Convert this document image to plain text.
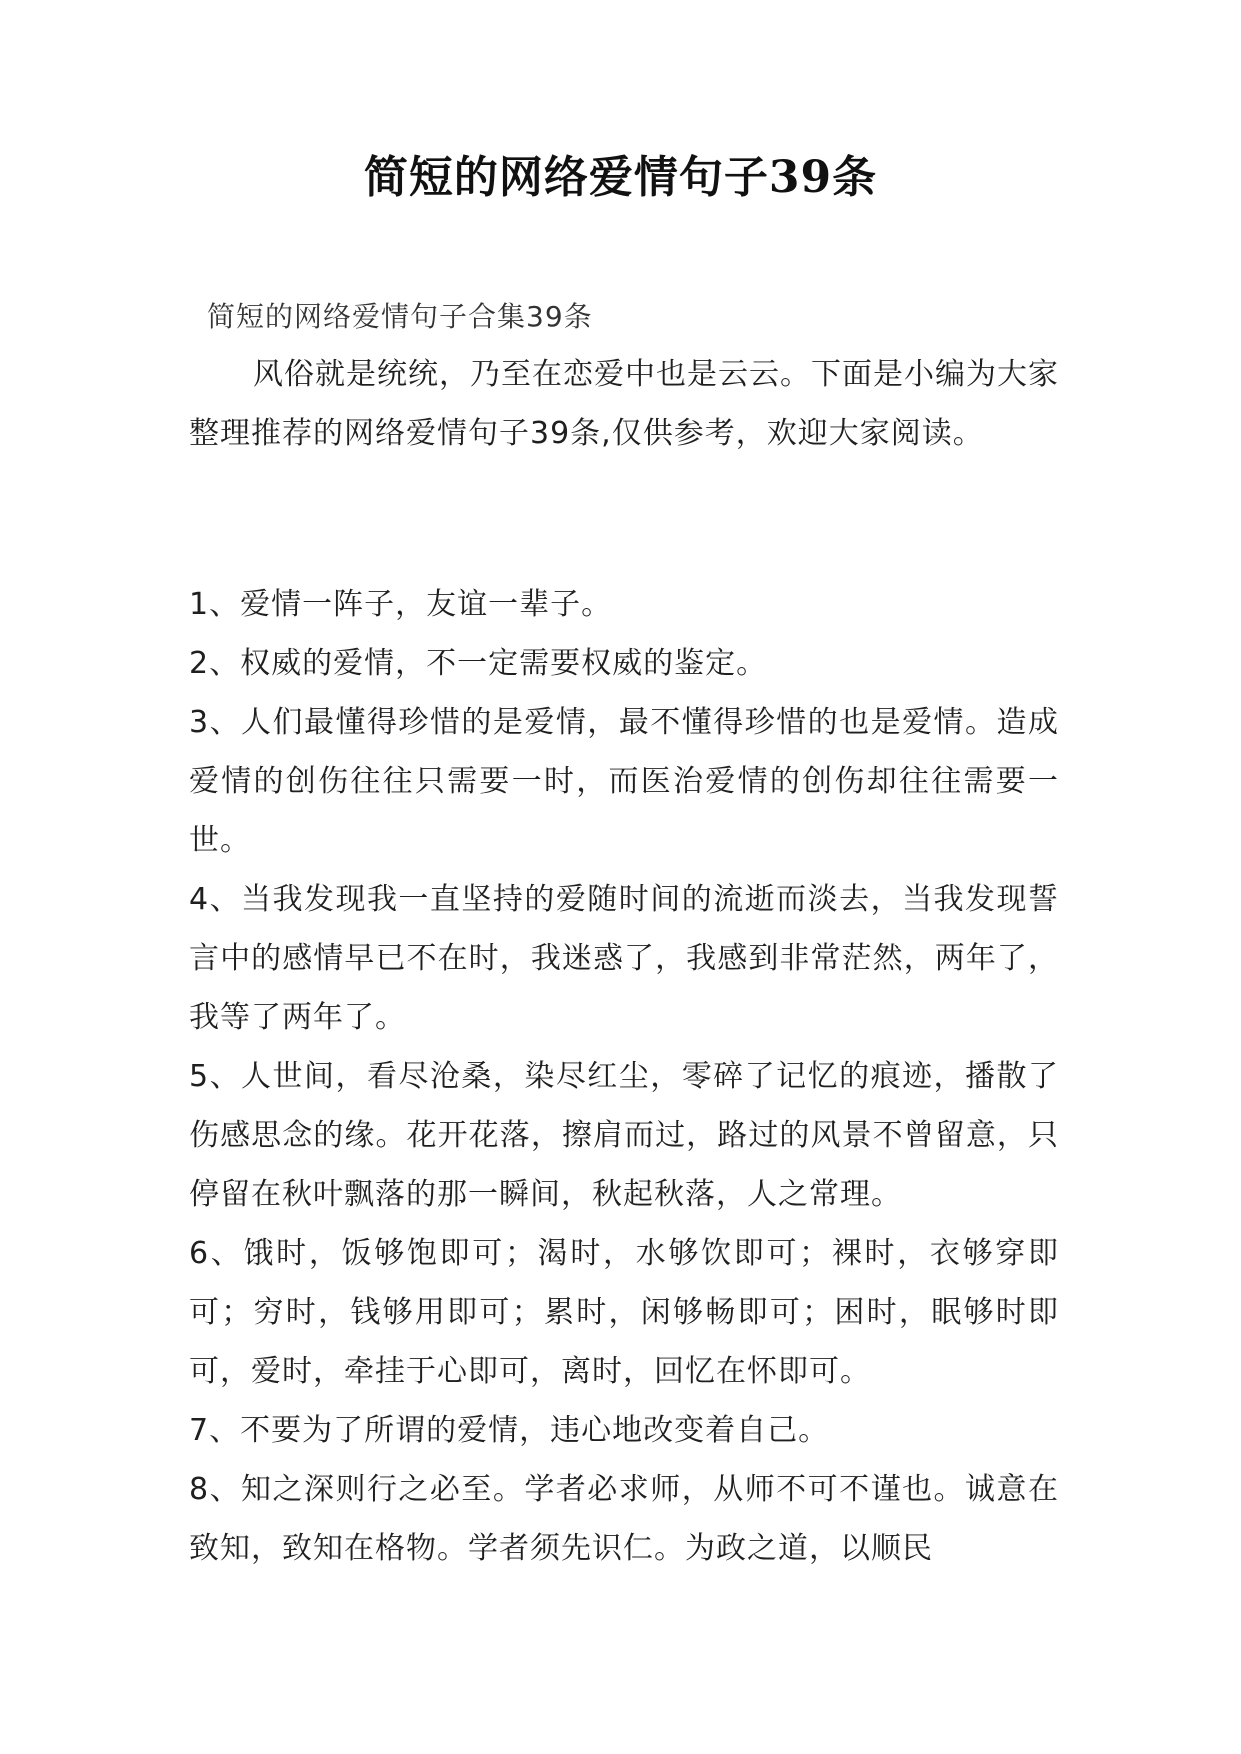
简短的网络爱情句子39条
简短的网络爱情句子合集39条
风俗就是统统，乃至在恋爱中也是云云。下面是小编为大家整理推荐的网络爱情句子39条,仅供参考，欢迎大家阅读。
1、爱情一阵子，友谊一辈子。
2、权威的爱情，不一定需要权威的鉴定。
3、人们最懂得珍惜的是爱情，最不懂得珍惜的也是爱情。造成爱情的创伤往往只需要一时，而医治爱情的创伤却往往需要一世。
4、当我发现我一直坚持的爱随时间的流逝而淡去，当我发现誓言中的感情早已不在时，我迷惑了，我感到非常茫然，两年了，我等了两年了。
5、人世间，看尽沧桑，染尽红尘，零碎了记忆的痕迹，播散了伤感思念的缘。花开花落，擦肩而过，路过的风景不曾留意，只停留在秋叶飘落的那一瞬间，秋起秋落，人之常理。
6、饿时，饭够饱即可；渴时，水够饮即可；裸时，衣够穿即可；穷时，钱够用即可；累时，闲够畅即可；困时，眠够时即可，爱时，牵挂于心即可，离时，回忆在怀即可。
7、不要为了所谓的爱情，违心地改变着自己。
8、知之深则行之必至。学者必求师，从师不可不谨也。诚意在致知，致知在格物。学者须先识仁。为政之道，以顺民
